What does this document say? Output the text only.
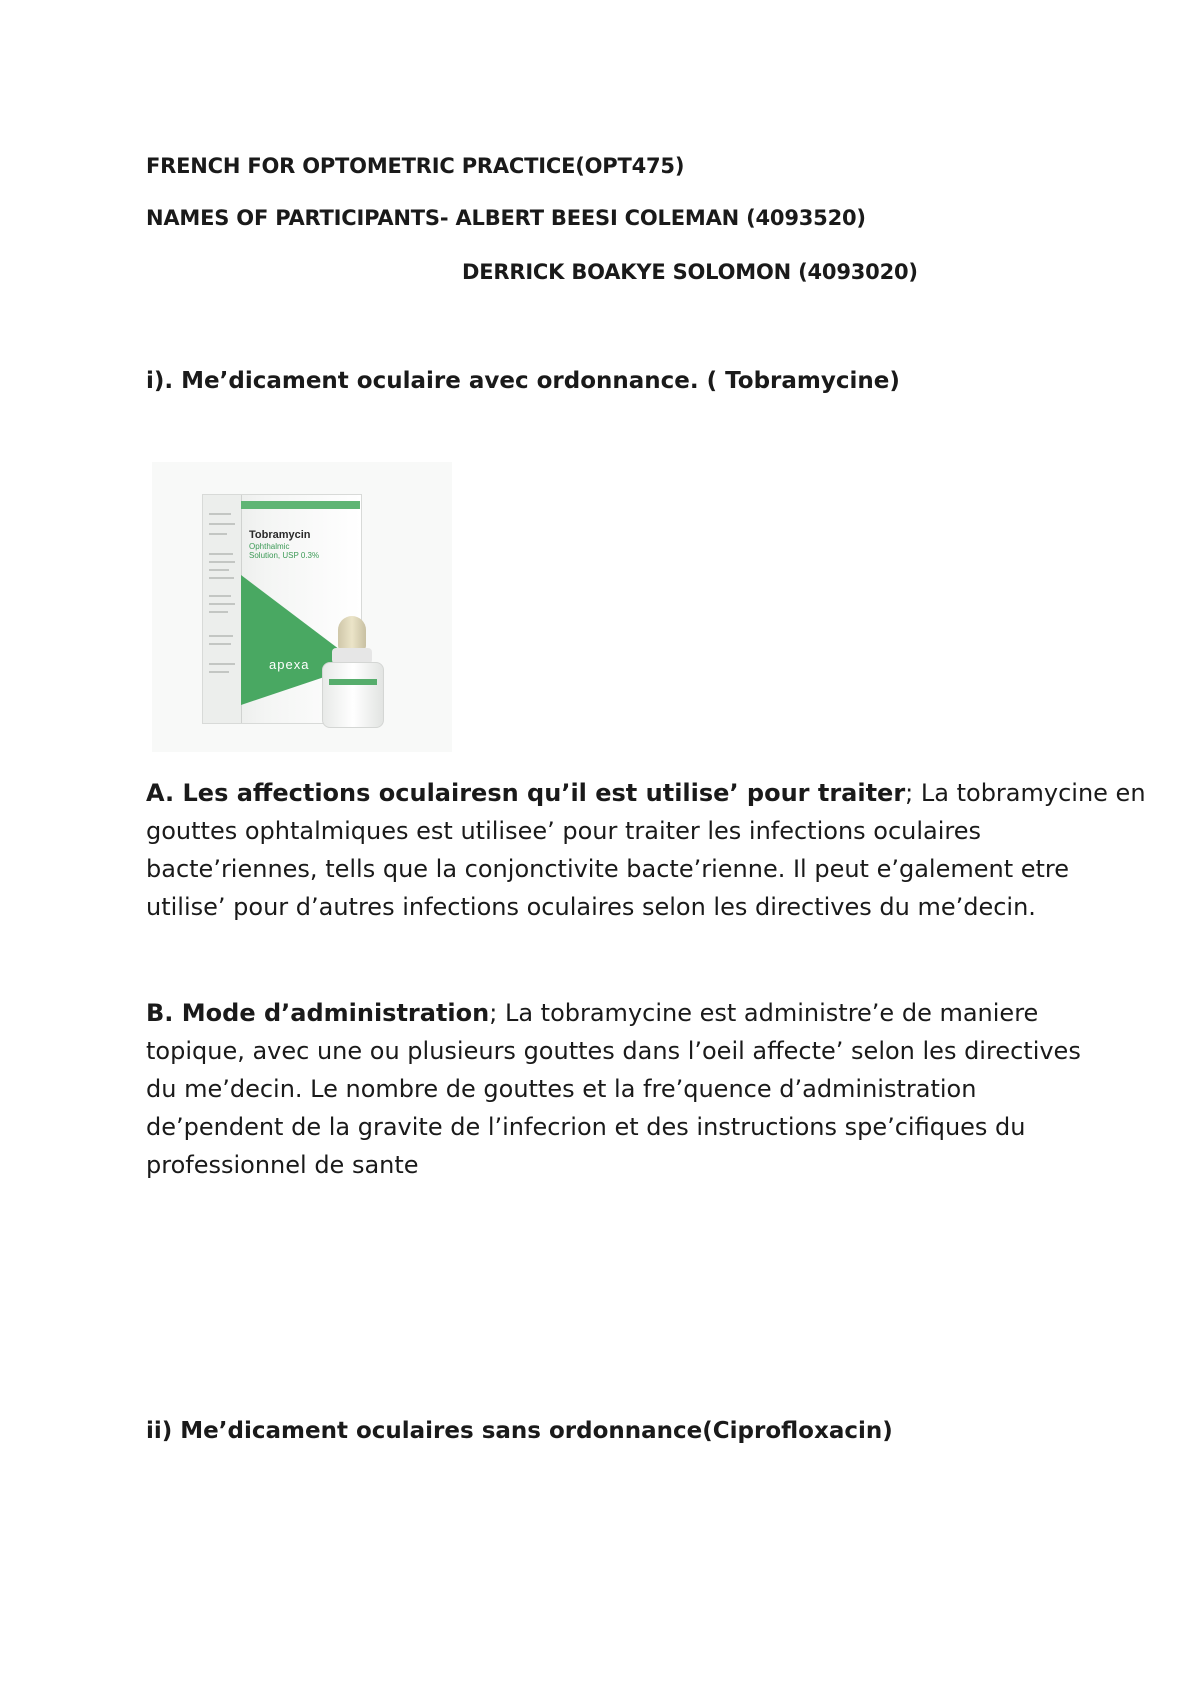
FRENCH FOR OPTOMETRIC PRACTICE(OPT475)
NAMES OF PARTICIPANTS- ALBERT BEESI COLEMAN (4093520)
DERRICK BOAKYE SOLOMON (4093020)
i). Me’dicament oculaire avec ordonnance. ( Tobramycine)
Tobramycin
Ophthalmic
Solution, USP 0.3%
apexa
A. Les affections oculairesn qu’il est utilise’ pour traiter; La tobramycine en
gouttes ophtalmiques est utilisee’ pour traiter les infections oculaires
bacte’riennes, tells que la conjonctivite bacte’rienne. Il peut e’galement etre
utilise’ pour d’autres infections oculaires selon les directives du me’decin.
B. Mode d’administration; La tobramycine est administre’e de maniere
topique, avec une ou plusieurs gouttes dans l’oeil affecte’ selon les directives
du me’decin. Le nombre de gouttes et la fre’quence d’administration
de’pendent de la gravite de l’infecrion et des instructions spe’cifiques du
professionnel de sante
ii) Me’dicament oculaires sans ordonnance(Ciprofloxacin)
